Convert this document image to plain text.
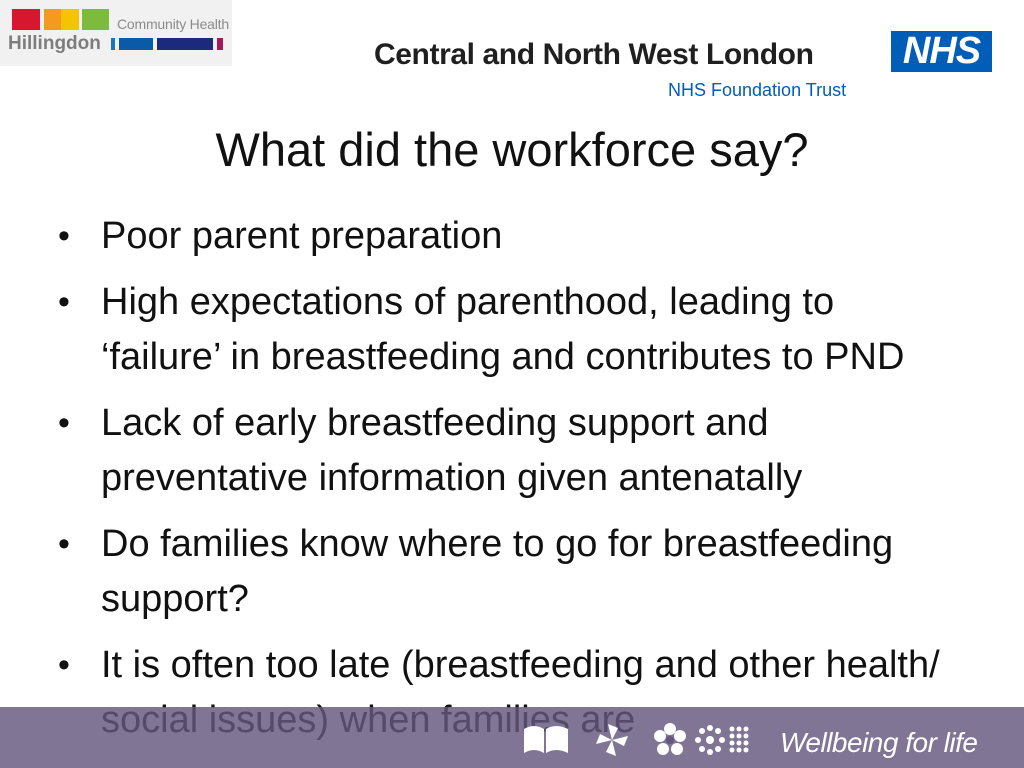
Community Health
Hillingdon	Central and North West London	NHS
NHS Foundation Trust
What did the workforce say?
• Poor parent preparation
• High expectations of parenthood, leading to ‘failure’ in breastfeeding and contributes to PND
• Lack of early breastfeeding support and preventative information given antenatally
• Do families know where to go for breastfeeding support?
• It is often too late (breastfeeding and other health/
Wellbeing for life
